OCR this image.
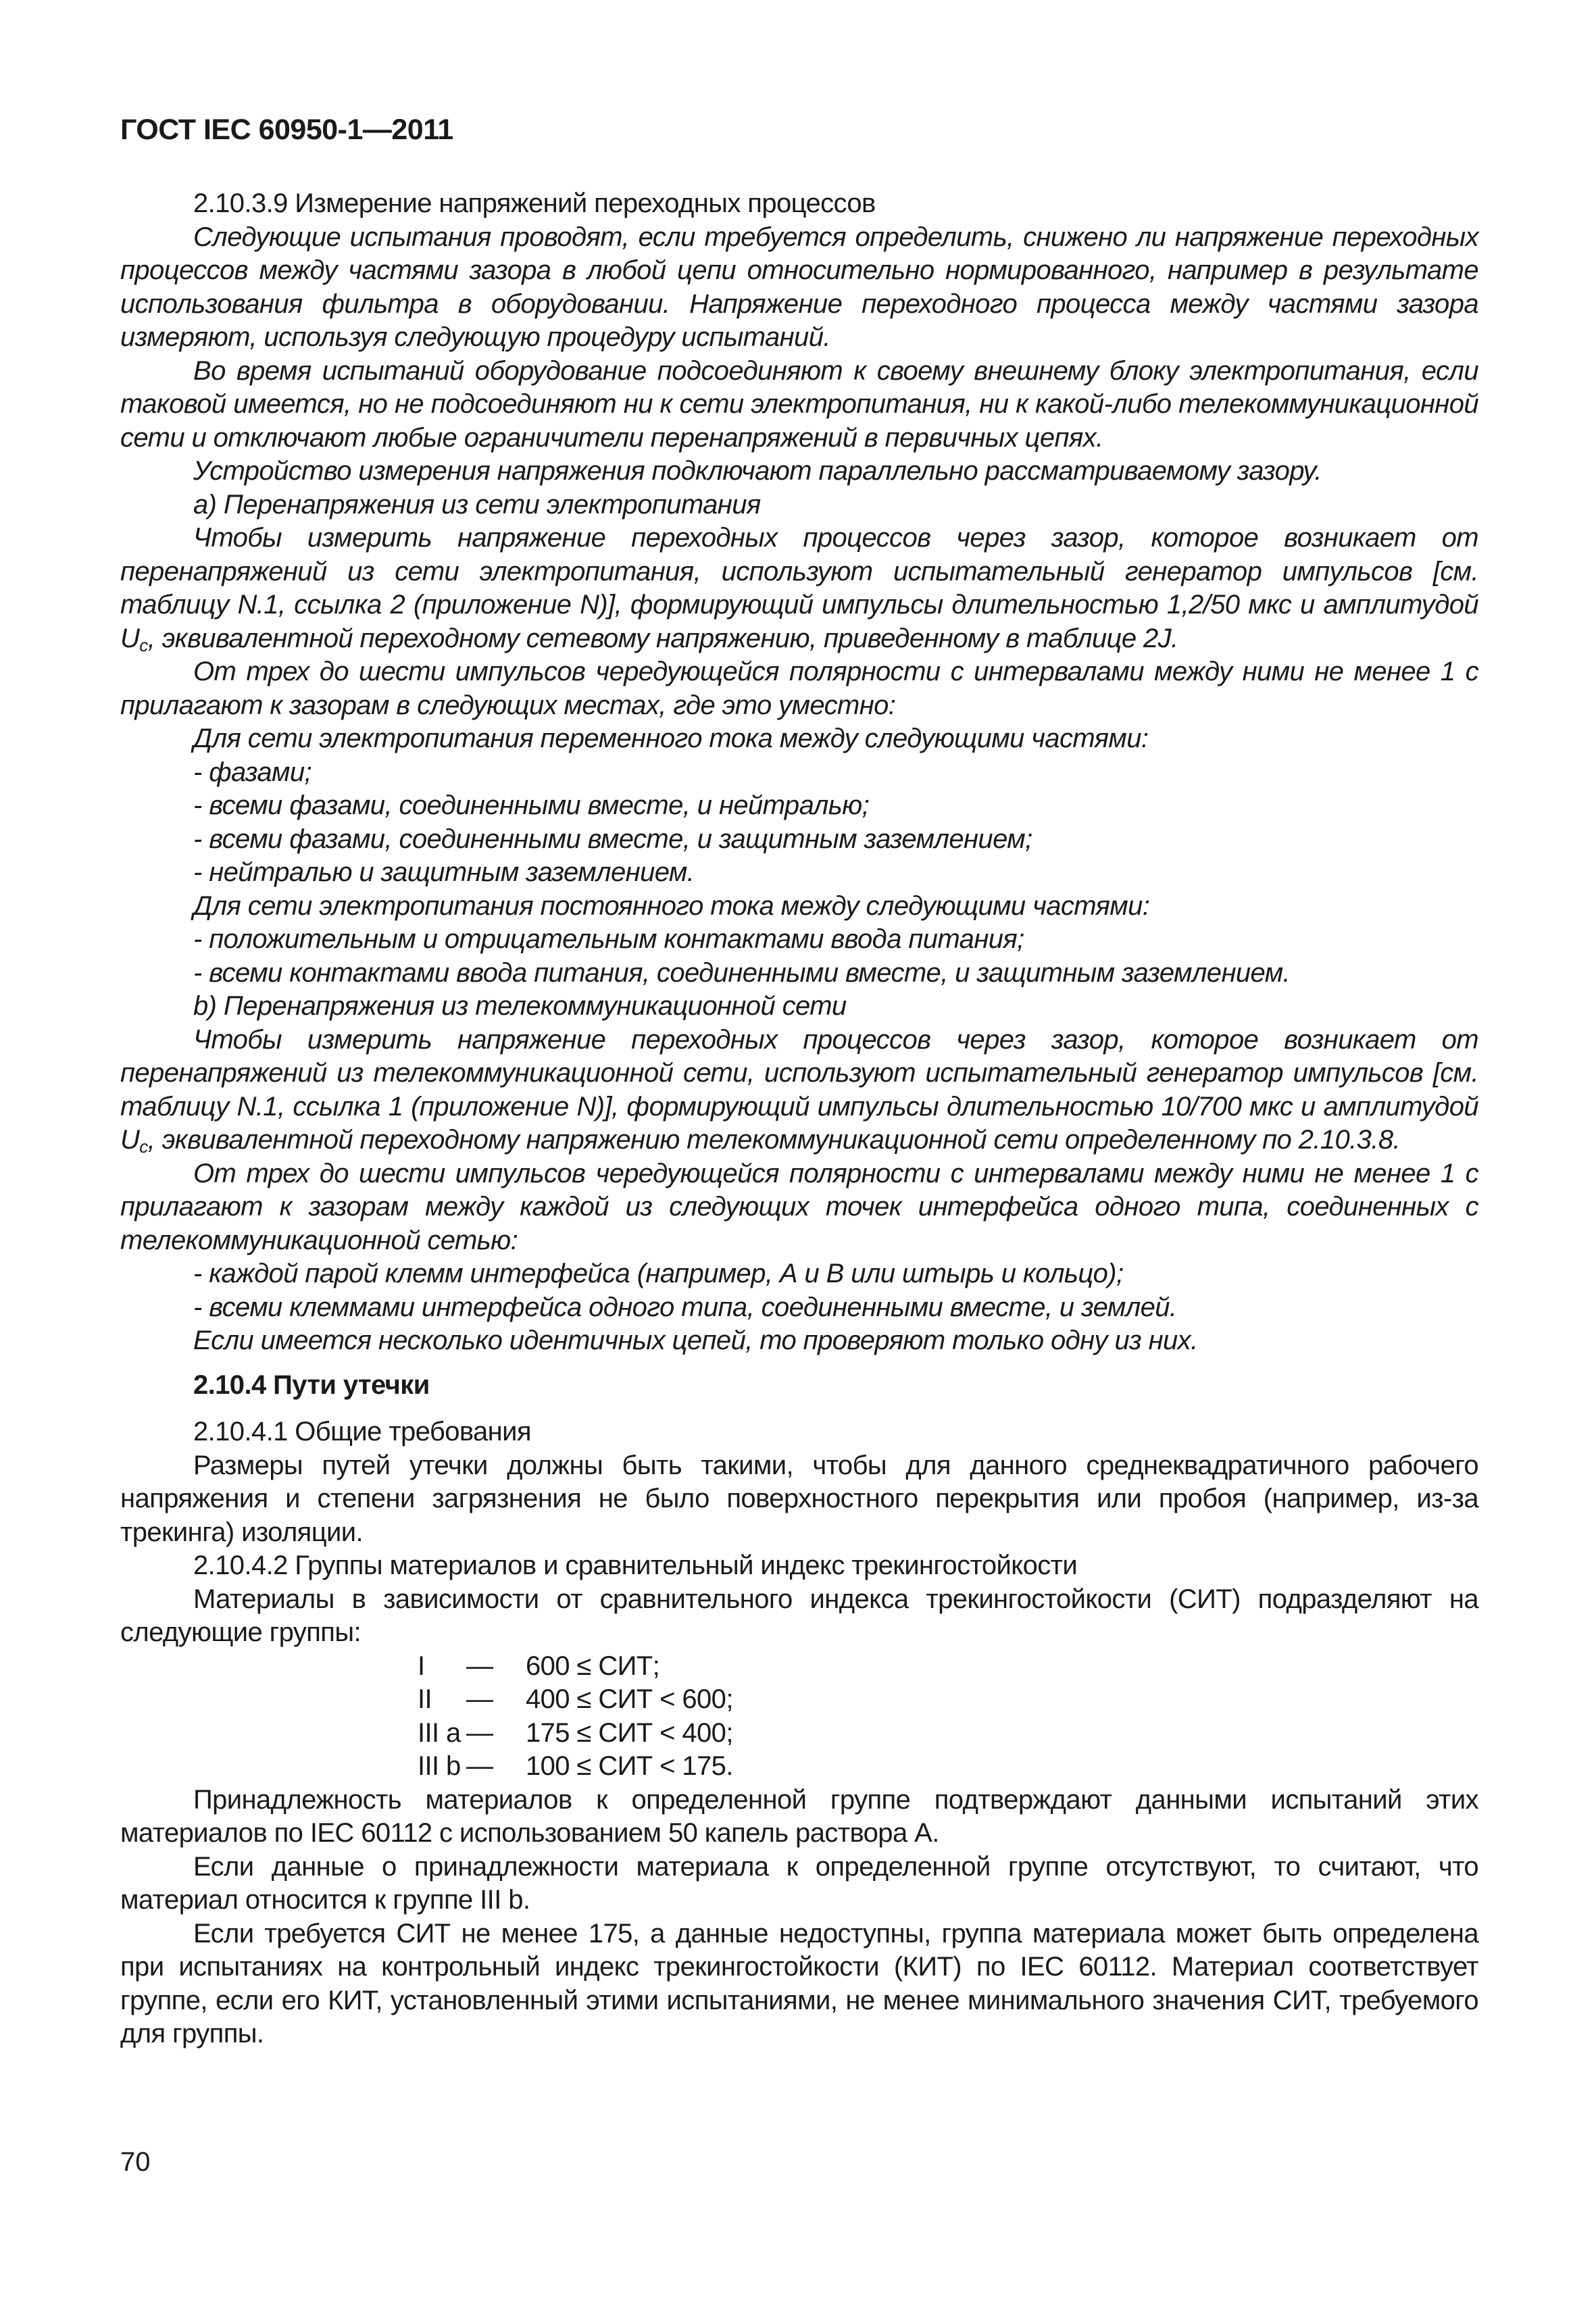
ГОСТ IEC 60950-1—2011

2.10.3.9 Измерение напряжений переходных процессов

Следующие испытания проводят, если требуется определить, снижено ли напряжение переходных процессов между частями зазора в любой цепи относительно нормированного, например в результате использования фильтра в оборудовании. Напряжение переходного процесса между частями зазора измеряют, используя следующую процедуру испытаний.

Во время испытаний оборудование подсоединяют к своему внешнему блоку электропитания, если таковой имеется, но не подсоединяют ни к сети электропитания, ни к какой-либо телекоммуникационной сети и отключают любые ограничители перенапряжений в первичных цепях.

Устройство измерения напряжения подключают параллельно рассматриваемому зазору.

a) Перенапряжения из сети электропитания

Чтобы измерить напряжение переходных процессов через зазор, которое возникает от перенапряжений из сети электропитания, используют испытательный генератор импульсов [см. таблицу N.1, ссылка 2 (приложение N)], формирующий импульсы длительностью 1,2/50 мкс и амплитудой $U_c$, эквивалентной переходному сетевому напряжению, приведенному в таблице 2J.

От трех до шести импульсов чередующейся полярности с интервалами между ними не менее 1 с прилагают к зазорам в следующих местах, где это уместно:

Для сети электропитания переменного тока между следующими частями:

- фазами;

- всеми фазами, соединенными вместе, и нейтралью;

- всеми фазами, соединенными вместе, и защитным заземлением;

- нейтралью и защитным заземлением.

Для сети электропитания постоянного тока между следующими частями:

- положительным и отрицательным контактами ввода питания;

- всеми контактами ввода питания, соединенными вместе, и защитным заземлением.

b) Перенапряжения из телекоммуникационной сети

Чтобы измерить напряжение переходных процессов через зазор, которое возникает от перенапряжений из телекоммуникационной сети, используют испытательный генератор импульсов [см. таблицу N.1, ссылка 1 (приложение N)], формирующий импульсы длительностью 10/700 мкс и амплитудой $U_c$, эквивалентной переходному напряжению телекоммуникационной сети определенному по 2.10.3.8.

От трех до шести импульсов чередующейся полярности с интервалами между ними не менее 1 с прилагают к зазорам между каждой из следующих точек интерфейса одного типа, соединенных с телекоммуникационной сетью:

- каждой парой клемм интерфейса (например, А и В или штырь и кольцо);

- всеми клеммами интерфейса одного типа, соединенными вместе, и землей.

Если имеется несколько идентичных цепей, то проверяют только одну из них.

2.10.4 Пути утечки

2.10.4.1 Общие требования

Размеры путей утечки должны быть такими, чтобы для данного среднеквадратичного рабочего напряжения и степени загрязнения не было поверхностного перекрытия или пробоя (например, из-за трекинга) изоляции.

2.10.4.2 Группы материалов и сравнительный индекс трекингостойкости

Материалы в зависимости от сравнительного индекса трекингостойкости (СИТ) подразделяют на следующие группы:

I	—	600 ≤ СИТ;
II	—	400 ≤ СИТ < 600;
III a —	175 ≤ СИТ < 400;
III b —	100 ≤ СИТ < 175.

Принадлежность материалов к определенной группе подтверждают данными испытаний этих материалов по IEC 60112 с использованием 50 капель раствора А.

Если данные о принадлежности материала к определенной группе отсутствуют, то считают, что материал относится к группе III b.

Если требуется СИТ не менее 175, а данные недоступны, группа материала может быть определена при испытаниях на контрольный индекс трекингостойкости (КИТ) по IEC 60112. Материал соответствует группе, если его КИТ, установленный этими испытаниями, не менее минимального значения СИТ, требуемого для группы.

70
